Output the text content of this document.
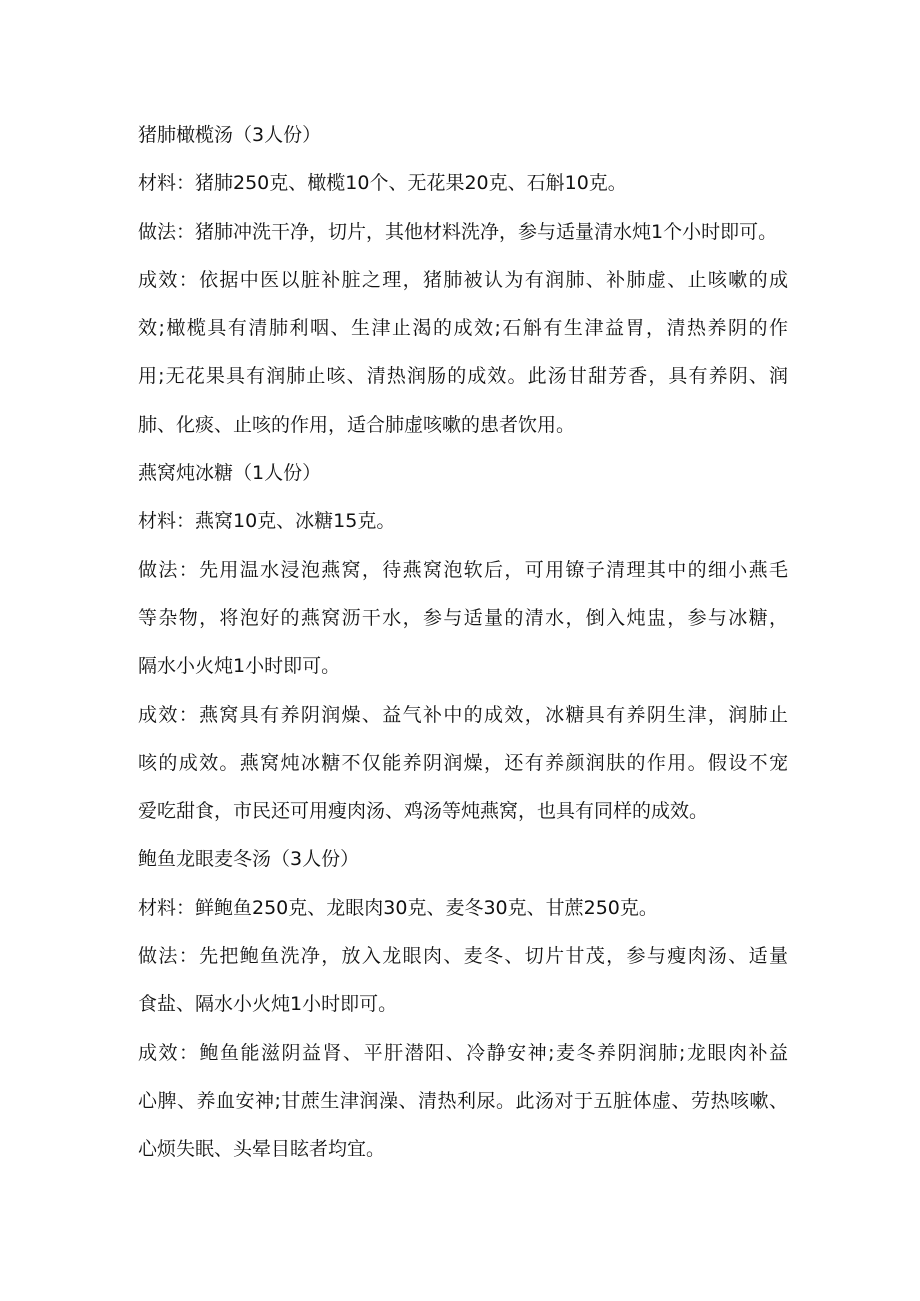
猪肺橄榄汤（3人份）
材料：猪肺250克、橄榄10个、无花果20克、石斛10克。
做法：猪肺冲洗干净，切片，其他材料洗净，参与适量清水炖1个小时即可。
成效：依据中医以脏补脏之理，猪肺被认为有润肺、补肺虚、止咳嗽的成
效;橄榄具有清肺利咽、生津止渴的成效;石斛有生津益胃，清热养阴的作
用;无花果具有润肺止咳、清热润肠的成效。此汤甘甜芳香，具有养阴、润
肺、化痰、止咳的作用，适合肺虚咳嗽的患者饮用。
燕窝炖冰糖（1人份）
材料：燕窝10克、冰糖15克。
做法：先用温水浸泡燕窝，待燕窝泡软后，可用镣子清理其中的细小燕毛
等杂物，将泡好的燕窝沥干水，参与适量的清水，倒入炖盅，参与冰糖，
隔水小火炖1小时即可。
成效：燕窝具有养阴润燥、益气补中的成效，冰糖具有养阴生津，润肺止
咳的成效。燕窝炖冰糖不仅能养阴润燥，还有养颜润肤的作用。假设不宠
爱吃甜食，市民还可用瘦肉汤、鸡汤等炖燕窝，也具有同样的成效。
鲍鱼龙眼麦冬汤（3人份）
材料：鲜鲍鱼250克、龙眼肉30克、麦冬30克、甘蔗250克。
做法：先把鲍鱼洗净，放入龙眼肉、麦冬、切片甘茂，参与瘦肉汤、适量
食盐、隔水小火炖1小时即可。
成效：鲍鱼能滋阴益肾、平肝潜阳、冷静安神;麦冬养阴润肺;龙眼肉补益
心脾、养血安神;甘蔗生津润澡、清热利尿。此汤对于五脏体虚、劳热咳嗽、
心烦失眠、头晕目眩者均宜。
